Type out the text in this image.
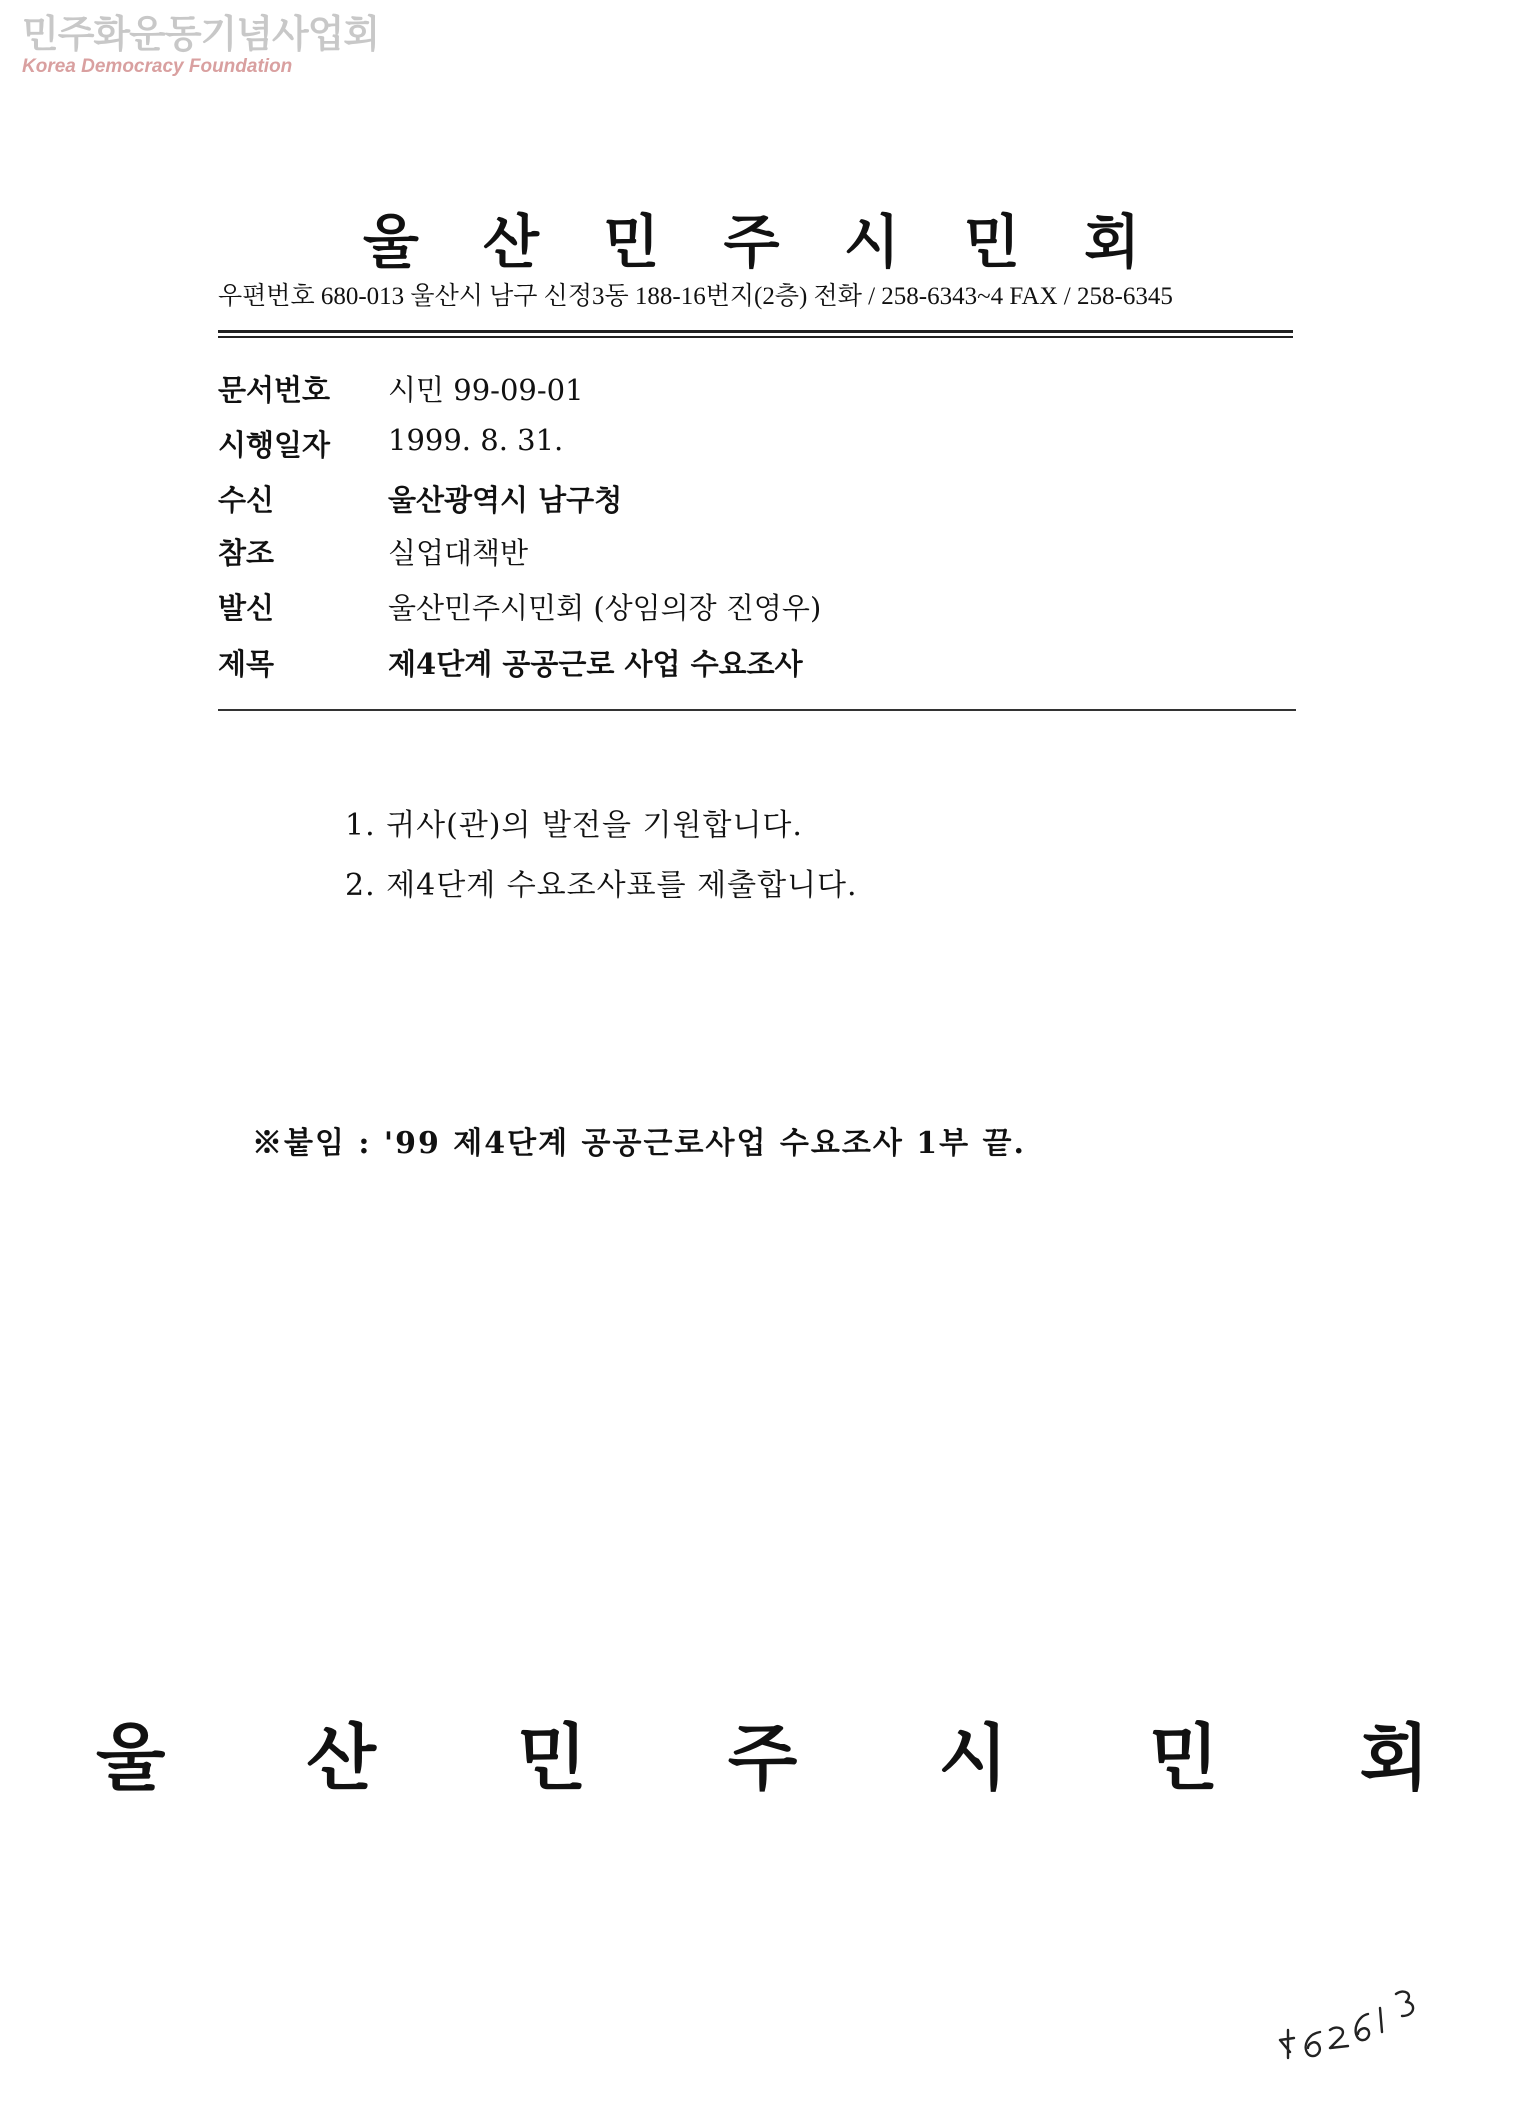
민주화운동기념사업회
Korea Democracy Foundation
울 산 민 주 시 민 회
우편번호 680-013 울산시 남구 신정3동 188-16번지(2층) 전화 / 258-6343~4 FAX / 258-6345
문서번호 시민 99-09-01
시행일자 1999. 8. 31.
수신	울산광역시 남구청
참조	실업대책반
발신	울산민주시민회 (상임의장 진영우)
제목	제4단계 공공근로 사업 수요조사
1. 귀사(관)의 발전을 기원합니다.
2. 제4단계 수요조사표를 제출합니다.
※붙임 : '99 제4단계 공공근로사업 수요조사 1부 끝.
울 산 민 주 시 민 회
